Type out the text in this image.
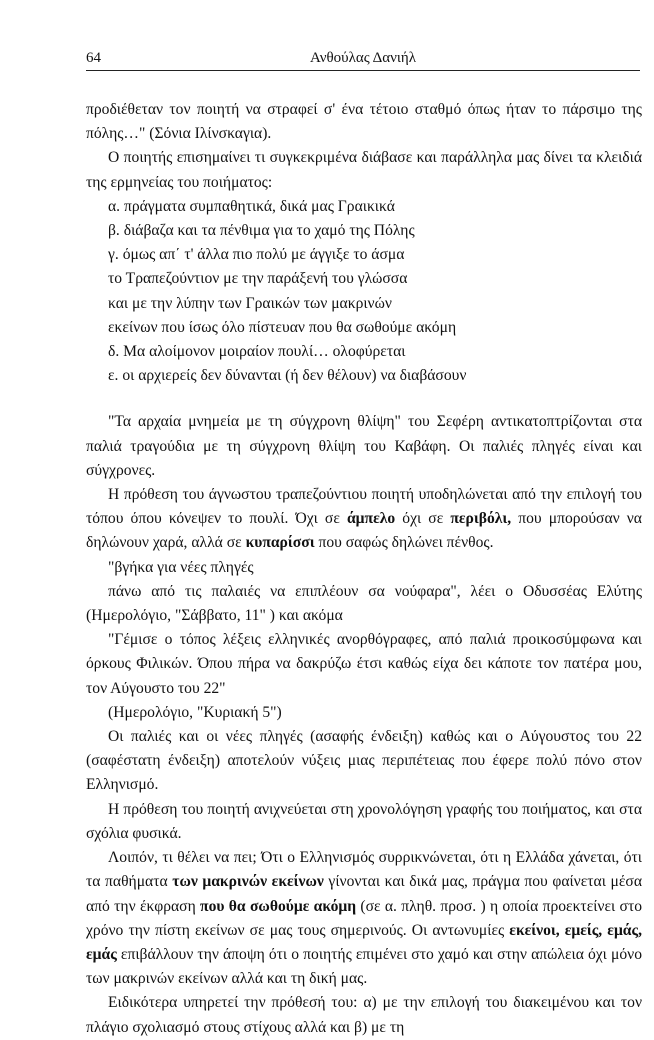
64	Ανθούλας Δανιήλ

προδιέθεταν τον ποιητή να στραφεί σ' ένα τέτοιο σταθμό όπως ήταν το πάρσιμο της πόλης…" (Σόνια Ιλίνσκαγια).

Ο ποιητής επισημαίνει τι συγκεκριμένα διάβασε και παράλληλα μας δίνει τα κλειδιά της ερμηνείας του ποιήματος:

α. πράγματα συμπαθητικά, δικά μας Γραικικά

β. διάβαζα και τα πένθιμα για το χαμό της Πόλης

γ. όμως απ΄ τ' άλλα πιο πολύ με άγγιξε το άσμα

το Τραπεζούντιον με την παράξενή του γλώσσα

και με την λύπην των Γραικών των μακρινών

εκείνων που ίσως όλο πίστευαν που θα σωθούμε ακόμη

δ. Μα αλοίμονον μοιραίον πουλί… ολοφύρεται

ε. οι αρχιερείς δεν δύνανται (ή δεν θέλουν) να διαβάσουν

"Τα αρχαία μνημεία με τη σύγχρονη θλίψη" του Σεφέρη αντικατοπτρίζονται στα παλιά τραγούδια με τη σύγχρονη θλίψη του Καβάφη. Οι παλιές πληγές είναι και σύγχρονες.

Η πρόθεση του άγνωστου τραπεζούντιου ποιητή υποδηλώνεται από την επιλογή του τόπου όπου κόνεψεν το πουλί. Όχι σε άμπελο όχι σε περιβόλι, που μπορούσαν να δηλώνουν χαρά, αλλά σε κυπαρίσσι που σαφώς δηλώνει πένθος.

"βγήκα για νέες πληγές

πάνω από τις παλαιές να επιπλέουν σα νούφαρα", λέει ο Οδυσσέας Ελύτης (Ημερολόγιο, "Σάββατο, 11" ) και ακόμα

"Γέμισε ο τόπος λέξεις ελληνικές ανορθόγραφες, από παλιά προικοσύμφωνα και όρκους Φιλικών. Όπου πήρα να δακρύζω έτσι καθώς είχα δει κάποτε τον πατέρα μου, τον Αύγουστο του 22"

(Ημερολόγιο, "Κυριακή 5")

Οι παλιές και οι νέες πληγές (ασαφής ένδειξη) καθώς και ο Αύγουστος του 22 (σαφέστατη ένδειξη) αποτελούν νύξεις μιας περιπέτειας που έφερε πολύ πόνο στον Ελληνισμό.

Η πρόθεση του ποιητή ανιχνεύεται στη χρονολόγηση γραφής του ποιήματος, και στα σχόλια φυσικά.

Λοιπόν, τι θέλει να πει; Ότι ο Ελληνισμός συρρικνώνεται, ότι η Ελλάδα χάνεται, ότι τα παθήματα των μακρινών εκείνων γίνονται και δικά μας, πράγμα που φαίνεται μέσα από την έκφραση που θα σωθούμε ακόμη (σε α. πληθ. προσ. ) η οποία προεκτείνει στο χρόνο την πίστη εκείνων σε μας τους σημερινούς. Οι αντωνυμίες εκείνοι, εμείς, εμάς, εμάς επιβάλλουν την άποψη ότι ο ποιητής επιμένει στο χαμό και στην απώλεια όχι μόνο των μακρινών εκείνων αλλά και τη δική μας.

Ειδικότερα υπηρετεί την πρόθεσή του: α) με την επιλογή του διακειμένου και τον πλάγιο σχολιασμό στους στίχους αλλά και β) με τη
